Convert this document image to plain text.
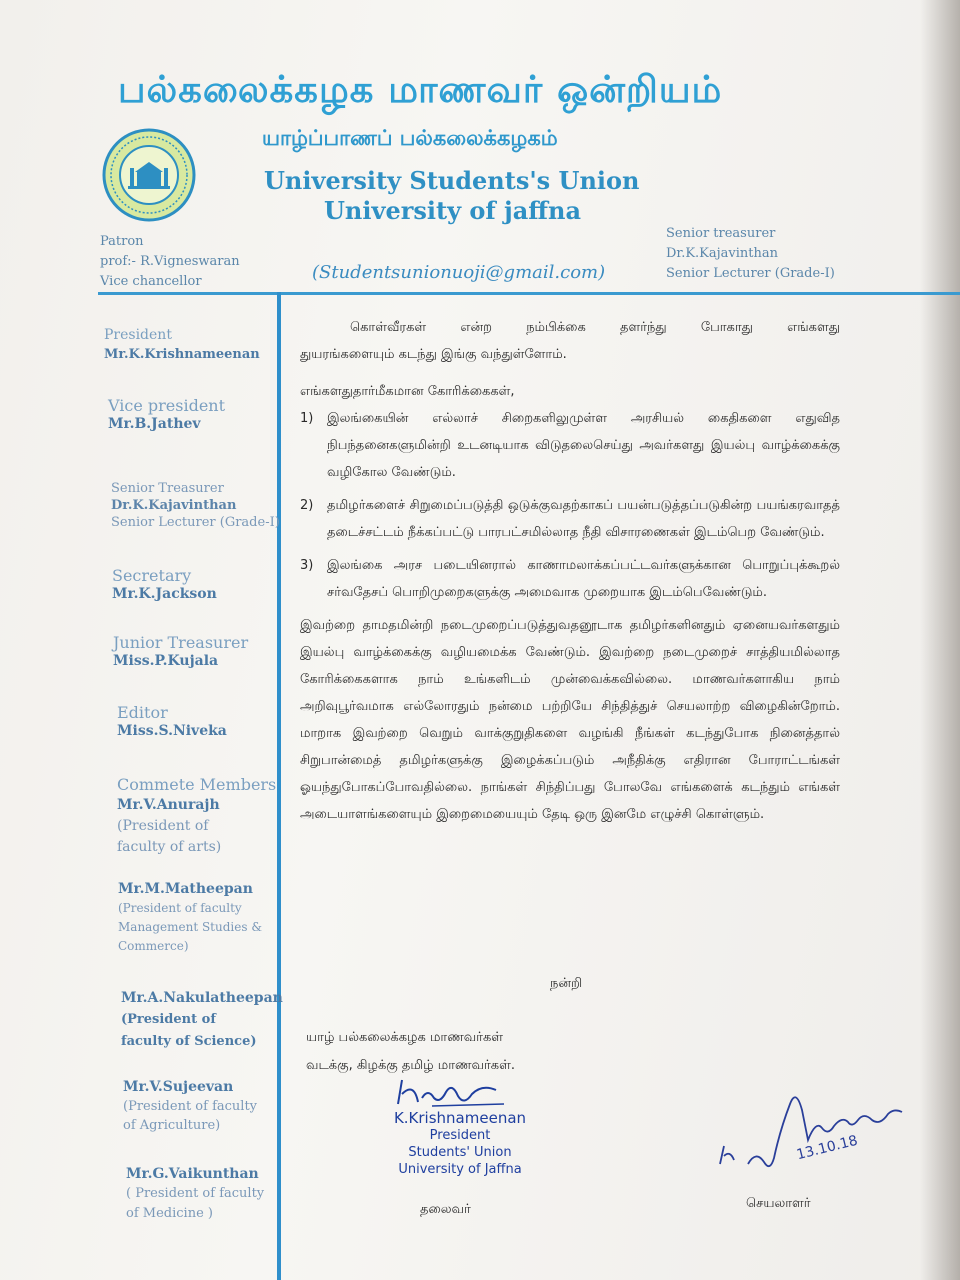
பல்கலைக்கழக மாணவர் ஒன்றியம்
யாழ்ப்பாணப் பல்கலைக்கழகம்
University Students's Union
University of jaffna
(Studentsunionuoji@gmail.com)
Patron
prof:- R.Vigneswaran
Vice chancellor
Senior treasurer
Dr.K.Kajavinthan
Senior Lecturer (Grade-I)
President
Mr.K.Krishnameenan
Vice president
Mr.B.Jathev
Senior Treasurer
Dr.K.Kajavinthan
Senior Lecturer (Grade-I)
Secretary
Mr.K.Jackson
Junior Treasurer
Miss.P.Kujala
Editor
Miss.S.Niveka
Commete Members
Mr.V.Anurajh
(President of
faculty of arts)
Mr.M.Matheepan
(President of faculty
Management Studies &
Commerce)
Mr.A.Nakulatheepan
(President of
faculty of Science)
Mr.V.Sujeevan
(President of faculty
of Agriculture)
Mr.G.Vaikunthan
( President of faculty
of Medicine )

கொள்வீரகள் என்ற நம்பிக்கை தளர்ந்து போகாது எங்களது

துயரங்களையும் கடந்து இங்கு வந்துள்ளோம்.

எங்களதுதார்மீகமான கோரிக்கைகள்,

1)	இலங்கையின் எல்லாச் சிறைகளிலுமுள்ள அரசியல் கைதிகளை எதுவித நிபந்தனைகளுமின்றி உடனடியாக விடுதலைசெய்து அவர்களது இயல்பு வாழ்க்கைக்கு வழிகோல வேண்டும்.

2)	தமிழர்களைச் சிறுமைப்படுத்தி ஒடுக்குவதற்காகப் பயன்படுத்தப்படுகின்ற பயங்கரவாதத் தடைச்சட்டம் நீக்கப்பட்டு பாரபட்சமில்லாத நீதி விசாரணைகள் இடம்பெற வேண்டும்.

3)	இலங்கை அரச படையினரால் காணாமலாக்கப்பட்டவர்களுக்கான பொறுப்புக்கூறல் சர்வதேசப் பொறிமுறைகளுக்கு அமைவாக முறையாக இடம்பெவேண்டும்.

இவற்றை தாமதமின்றி நடைமுறைப்படுத்துவதனூடாக தமிழர்களினதும் ஏனையவர்களதும் இயல்பு வாழ்க்கைக்கு வழியமைக்க வேண்டும். இவற்றை நடைமுறைச் சாத்தியமில்லாத கோரிக்கைகளாக நாம் உங்களிடம் முன்வைக்கவில்லை. மாணவர்களாகிய நாம் அறிவுபூர்வமாக எல்லோரதும் நன்மை பற்றியே சிந்தித்துச் செயலாற்ற விழைகின்றோம். மாறாக இவற்றை வெறும் வாக்குறுதிகளை வழங்கி நீங்கள் கடந்துபோக நினைத்தால் சிறுபான்மைத் தமிழர்களுக்கு இழைக்கப்படும் அநீதிக்கு எதிரான போராட்டங்கள் ஓயந்துபோகப்போவதில்லை. நாங்கள் சிந்திப்பது போலவே எங்களைக் கடந்தும் எங்கள் அடையாளங்களையும் இறைமையையும் தேடி ஒரு இனமே எழுச்சி கொள்ளும்.

நன்றி
யாழ் பல்கலைக்கழக மாணவர்கள்
வடக்கு, கிழக்கு தமிழ் மாணவர்கள்.
K.Krishnameenan
President
Students' Union
University of Jaffna
13.10.18
தலைவர்	செயலாளர்
